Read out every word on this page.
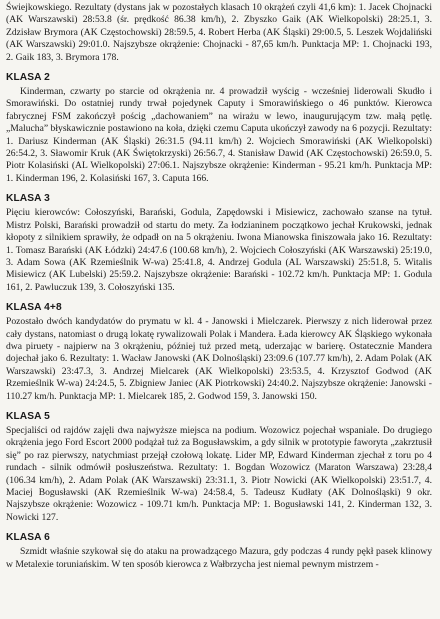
Świejkowskiego. Rezultaty (dystans jak w pozostałych klasach 10 okrążeń czyli 41,6 km): 1. Jacek Chojnacki (AK Warszawski) 28:53.8 (śr. prędkość 86.38 km/h), 2. Zbyszko Gaik (AK Wielkopolski) 28:25.1, 3. Zdzisław Brymora (AK Częstochowski) 28:59.5, 4. Robert Herba (AK Śląski) 29:00.5, 5. Leszek Wojdaliński (AK Warszawski) 29:01.0. Najszybsze okrążenie: Chojnacki - 87,65 km/h. Punktacja MP: 1. Chojnacki 193, 2. Gaik 183, 3. Brymora 178.

KLASA 2

Kinderman, czwarty po starcie od okrążenia nr. 4 prowadził wyścig - wcześniej liderowali Skudło i Smorawiński. Do ostatniej rundy trwał pojedynek Caputy i Smorawińskiego o 46 punktów. Kierowca fabrycznej FSM zakończył pościg „dachowaniem” na wirażu w lewo, inaugurującym tzw. małą pętlę. „Malucha” błyskawicznie postawiono na koła, dzięki czemu Caputa ukończył zawody na 6 pozycji. Rezultaty: 1. Dariusz Kinderman (AK Śląski) 26:31.5 (94.11 km/h) 2. Wojciech Smorawiński (AK Wielkopolski) 26:54.2, 3. Sławomir Kruk (AK Świętokrzyski) 26:56.7, 4. Stanisław Dawid (AK Częstochowski) 26:59.0, 5. Piotr Kolasiński (AL Wielkopolski) 27:06.1. Najszybsze okrążenie: Kinderman - 95.21 km/h. Punktacja MP: 1. Kinderman 196, 2. Kolasiński 167, 3. Caputa 166.

KLASA 3

Pięciu kierowców: Cołoszyński, Barański, Godula, Zapędowski i Misiewicz, zachowało szanse na tytuł. Mistrz Polski, Barański prowadził od startu do mety. Za łodzianinem początkowo jechał Krukowski, jednak kłopoty z silnikiem sprawiły, że odpadł on na 5 okrążeniu. Iwona Mianowska finiszowała jako 16. Rezultaty: 1. Tomasz Barański (AK Łódzki) 24:47.6 (100.68 km/h), 2. Wojciech Cołoszyński (AK Warszawski) 25:19.0, 3. Adam Sowa (AK Rzemieślnik W-wa) 25:41.8, 4. Andrzej Godula (AL Warszawski) 25:51.8, 5. Witalis Misiewicz (AK Lubelski) 25:59.2. Najszybsze okrążenie: Barański - 102.72 km/h. Punktacja MP: 1. Godula 161, 2. Pawluczuk 139, 3. Cołoszyński 135.

KLASA 4+8

Pozostało dwóch kandydatów do prymatu w kl. 4 - Janowski i Mielczarek. Pierwszy z nich liderował przez cały dystans, natomiast o drugą lokatę rywalizowali Polak i Mandera. Łada kierowcy AK Śląskiego wykonała dwa piruety - najpierw na 3 okrążeniu, później tuż przed metą, uderzając w barierę. Ostatecznie Mandera dojechał jako 6. Rezultaty: 1. Wacław Janowski (AK Dolnośląski) 23:09.6 (107.77 km/h), 2. Adam Polak (AK Warszawski) 23:47.3, 3. Andrzej Mielcarek (AK Wielkopolski) 23:53.5, 4. Krzysztof Godwod (AK Rzemieślnik W-wa) 24:24.5, 5. Zbigniew Janiec (AK Piotrkowski) 24:40.2. Najszybsze okrążenie: Janowski - 110.27 km/h. Punktacja MP: 1. Mielcarek 185, 2. Godwod 159, 3. Janowski 150.

KLASA 5

Specjaliści od rajdów zajęli dwa najwyższe miejsca na podium. Wozowicz pojechał wspaniale. Do drugiego okrążenia jego Ford Escort 2000 podążał tuż za Bogusławskim, a gdy silnik w prototypie faworyta „zakrztusił się” po raz pierwszy, natychmiast przejął czołową lokatę. Lider MP, Edward Kinderman zjechał z toru po 4 rundach - silnik odmówił posłuszeństwa. Rezultaty: 1. Bogdan Wozowicz (Maraton Warszawa) 23:28,4 (106.34 km/h), 2. Adam Polak (AK Warszawski) 23:31.1, 3. Piotr Nowicki (AK Wielkopolski) 23:51.7, 4. Maciej Bogusławski (AK Rzemieślnik W-wa) 24:58.4, 5. Tadeusz Kudłaty (AK Dolnośląski) 9 okr. Najszybsze okrążenie: Wozowicz - 109.71 km/h. Punktacja MP: 1. Bogusławski 141, 2. Kinderman 132, 3. Nowicki 127.

KLASA 6

Szmidt właśnie szykował się do ataku na prowadzącego Mazura, gdy podczas 4 rundy pękł pasek klinowy w Metalexie toruniańskim. W ten sposób kierowca z Wałbrzycha jest niemal pewnym mistrzem -
